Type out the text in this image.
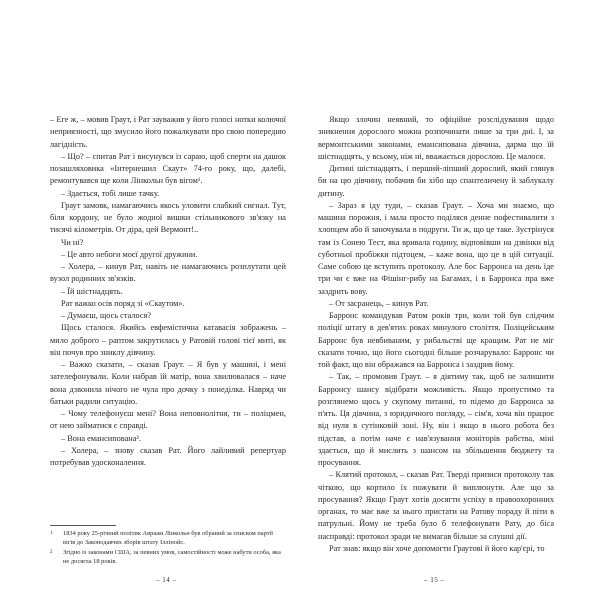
– Еге ж, – мовив Граут, і Рат зауважив у його голосі нотки колючої неприязності, що змусило його пожалкувати про свою попередню лагідність.

– Що? – спитав Рат і висунувся із сараю, щоб сперти на дашок позашляховика «Інтернешил Скаут» 74-го року, що, далебі, ремонтувався ще коли Лінкольн був вігом¹.

– Здається, тобі лише тачку.

Граут замовк, намагаючись якось уловити слабкий сигнал. Тут, біля кордону, не було жодної вишки стільникового зв'язку на тисячі кілометрів. От діра, цей Вермонт!..

Чи ні?

– Це авто небоги моєї другої дружини.

– Холера, – кинув Рат, навіть не намагаючись розплутати цей вузол родинних зв'язків.

– Їй шістнадцять.

Рат важко осів поряд зі «Скаутом».

– Думаєш, щось сталося?

Щось сталося. Якийсь евфемістична катавасія зображень – мило доброго – раптом закрутилась у Ратовій голові тієї миті, як він почув про зниклу дівчину.

– Важко сказати, – сказав Граут. – Я був у машині, і мені зателефонували. Коли набрав їй матір, вона хвилювалася – наче вона дзвонила нічого не чула про дочку з понеділка. Навряд чи батьки радили ситуацію.

– Чому телефонуєш мені? Вона неповнолітня, ти – поліцмен, от нею займатися є справді.

– Вона емансипована².

– Холера, – знову сказав Рат. Його лайливий репертуар потребував удосконалення.

1	1834 року 25-річний політик Авраам Лінкольн був обраний за списком партії вігів до Законодавчих зборів штату Іллінойс.
2	Згідно із законами США, за певних умов, самостійності може набути особа, яка не досягла 18 років.

Якщо злочин неявний, то офіційне розслідування щодо зникнення дорослого можна розпочинати лише за три дні. І, за вермонтськими законами, емансипована дівчина, дарма що їй шістнадцять, у всьому, ніж ні, вважається дорослою. Це малося.

Дитині шістнадцять, і перший-ліпший дорослий, який глянув би на цю дівчину, побачив би хібо що спантеличену й заблукалу дитину.

– Зараз я іду туди, – сказав Граут. – Хоча ми знаємо, що машина порожня, і мала просто поділяся денне пофестивалити з хлопцем або й заночувала в подруги. Ти ж, що це таке. Зустрінуся там із Сонею Тест, яка вривала годину, відповівши на дзвінки від суботньої пробіжки підтоцем, – каже вона, що це в цій ситуації. Саме собою це вступить протоколу. Але бос Барронса на день їде три чи є вже на Фішінг-рибу на Багамах, і в Барронса пра вже заздрить вову.

– От засранець, – кинув Рат.

Барронс командував Ратом років три, коли той був слідчим поліції штату в дев'ятих роках минулого століття. Поліцейським Барронс був невбиваним, у рибальстві ще кращим. Рат не міг сказати точно, що його сьогодні більше розчарувало: Барронс чи той факт, що він ображався на Барронса і заздрив йому.

– Так, – промовив Граут. – я діятиму так, щоб не залишити Барронсу шансу відібрати можливість. Якщо пропустимо та розглянемо щось у скупому питанні, то підемо до Барронса за п'ять. Ця дівчина, з юридичного погляду, – сім'я, хоча він працює від нуля в сутінковій зоні. Ну, він і якщо в нього робота без підстав, а потім наче є нав'язування моніторів рабства, міні здається, що й мислить з шансом на збільшення бюджету та просування.

– Клятий протокол, – сказав Рат. Тверді приписи протоколу так чіткою, що кортило їх пожувати й виплюнути. Але що за просування? Якщо Граут хотів досягти успіху в правоохоронних органах, то має вже за нього пристати на Ратову пораду й піти в патрульні. Йому не треба було б телефонувати Рату, до біса насправді: протокол зради не вимагав більше за слушні дії.

Рат знав: якщо він хоче допомогти Граутові й його кар'єрі, то

– 14 –	– 15 –
